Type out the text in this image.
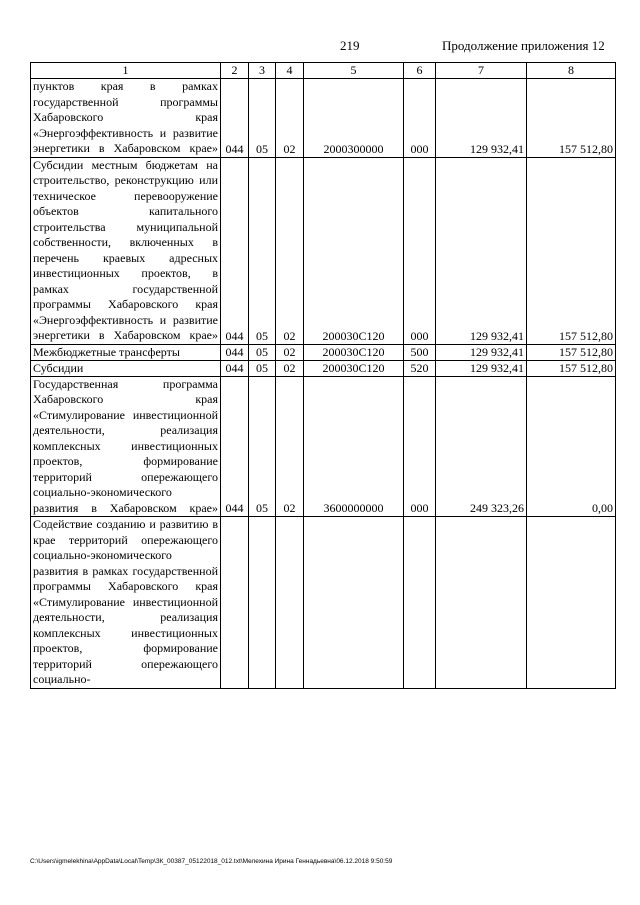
219	Продолжение приложения 12
1	2	3	4	5	6	7	8
пунктов края в рамках государственной программы Хабаровского края «Энергоэффективность и развитие энергетики в Хабаровском крае»	044	05	02	2000300000	000	129 932,41	157 512,80
Субсидии местным бюджетам на строительство, реконструкцию или техническое перевооружение объектов капитального строительства муниципальной собственности, включенных в перечень краевых адресных инвестиционных проектов, в рамках государственной программы Хабаровского края «Энергоэффективность и развитие энергетики в Хабаровском крае»	044	05	02	200030С120	000	129 932,41	157 512,80
Межбюджетные трансферты	044	05	02	200030С120	500	129 932,41	157 512,80
Субсидии	044	05	02	200030С120	520	129 932,41	157 512,80
Государственная программа Хабаровского края «Стимулирование инвестиционной деятельности, реализация комплексных инвестиционных проектов, формирование территорий опережающего социально-экономического развития в Хабаровском крае»	044	05	02	3600000000	000	249 323,26	0,00
Содействие созданию и развитию в крае территорий опережающего социально-экономического развития в рамках государственной программы Хабаровского края «Стимулирование инвестиционной деятельности, реализация комплексных инвестиционных проектов, формирование территорий опережающего социально-							
C:\Users\igmelekhina\AppData\Local\Temp\ЗК_00387_05122018_012.txt\Мелехина Ирина Геннадьевна\06.12.2018 9:50:59
